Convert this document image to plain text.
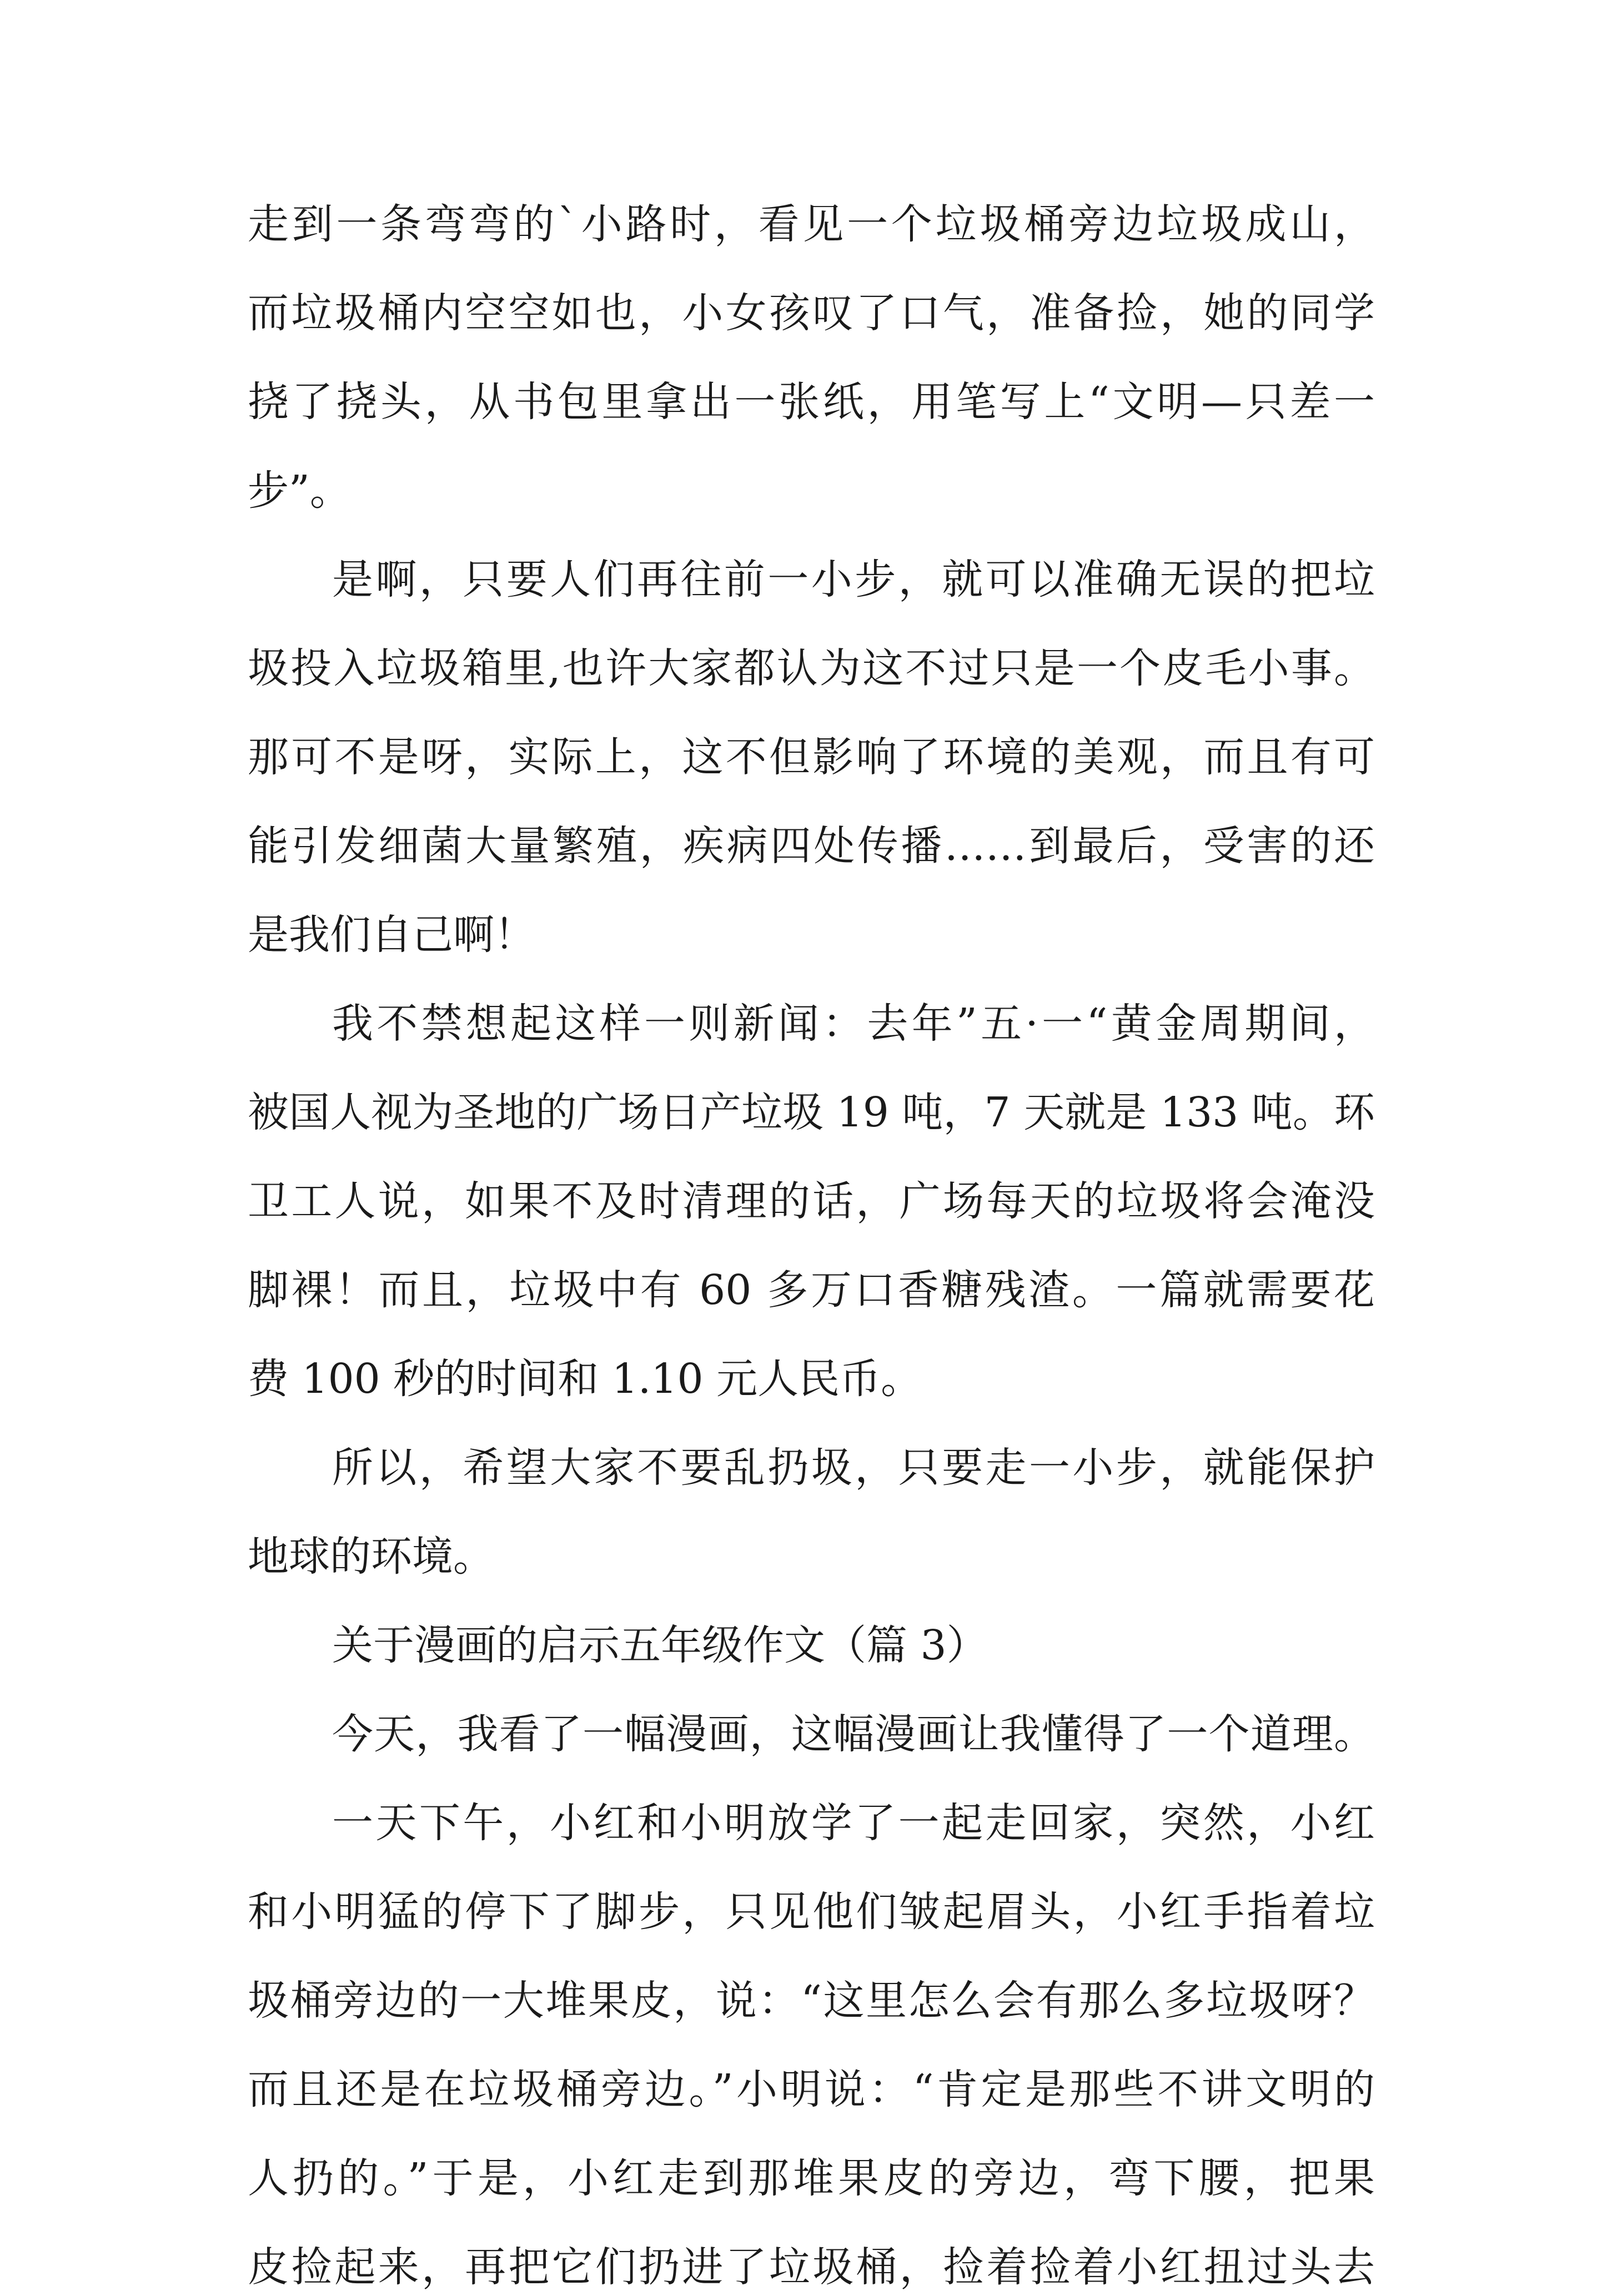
走到一条弯弯的`小路时，看见一个垃圾桶旁边垃圾成山，
而垃圾桶内空空如也，小女孩叹了口气，准备捡，她的同学
挠了挠头，从书包里拿出一张纸，用笔写上“文明—只差一
步”。
是啊，只要人们再往前一小步，就可以准确无误的把垃
圾投入垃圾箱里,也许大家都认为这不过只是一个皮毛小事。
那可不是呀，实际上，这不但影响了环境的美观，而且有可
能引发细菌大量繁殖，疾病四处传播……到最后，受害的还
是我们自己啊！
我不禁想起这样一则新闻：去年”五·一“黄金周期间，
被国人视为圣地的广场日产垃圾 19 吨，7 天就是 133 吨。环
卫工人说，如果不及时清理的话，广场每天的垃圾将会淹没
脚裸！而且，垃圾中有 60 多万口香糖残渣。一篇就需要花
费 100 秒的时间和 1.10 元人民币。
所以，希望大家不要乱扔圾，只要走一小步，就能保护
地球的环境。
关于漫画的启示五年级作文（篇 3）
今天，我看了一幅漫画，这幅漫画让我懂得了一个道理。
一天下午，小红和小明放学了一起走回家，突然，小红
和小明猛的停下了脚步，只见他们皱起眉头，小红手指着垃
圾桶旁边的一大堆果皮，说：“这里怎么会有那么多垃圾呀？
而且还是在垃圾桶旁边。”小明说：“肯定是那些不讲文明的
人扔的。”于是，小红走到那堆果皮的旁边，弯下腰，把果
皮捡起来，再把它们扔进了垃圾桶，捡着捡着小红扭过头去
